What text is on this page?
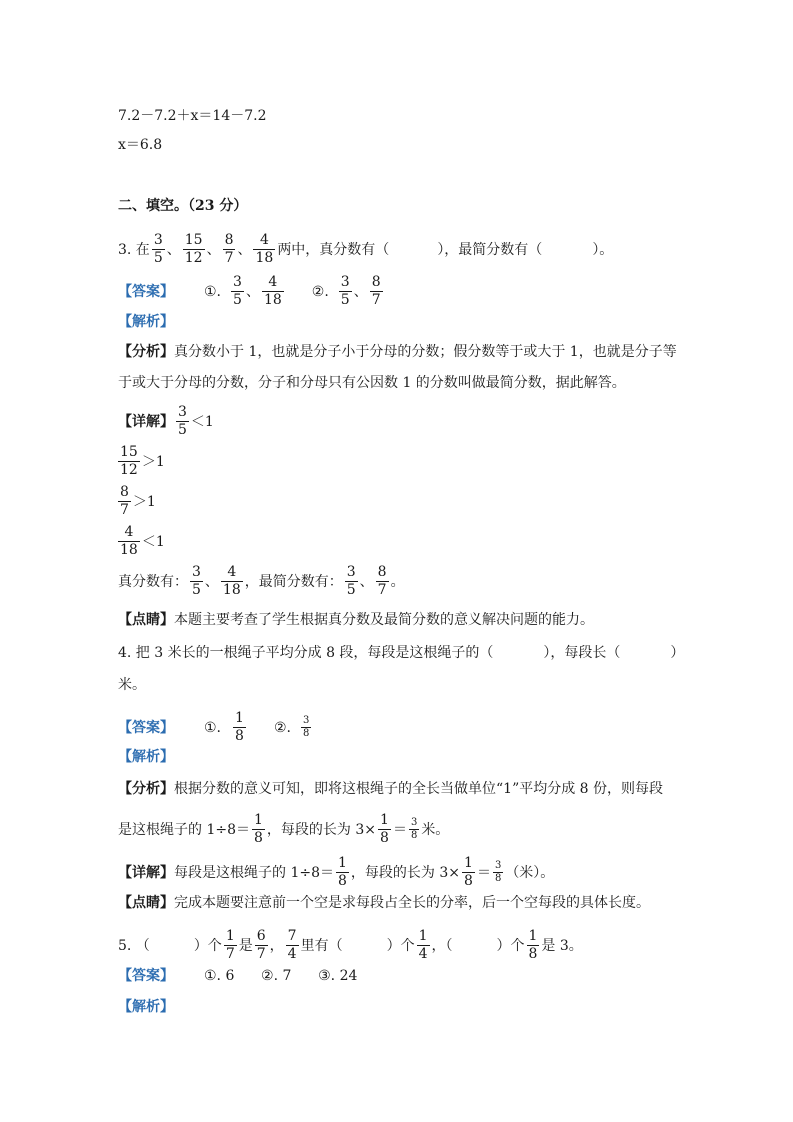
7.2－7.2＋x＝14－7.2
x＝6.8
二、填空。（23 分）
3. 在 $\frac{3}{5}$ 、 $\frac{15}{12}$ 、 $\frac{8}{7}$ 、 $\frac{4}{18}$ 两中，真分数有（	），最简分数有（	）。
【答案】 ①. $\frac{3}{5}$ 、 $\frac{4}{18}$ ②. $\frac{3}{5}$ 、 $\frac{8}{7}$
【解析】
【分析】 真分数小于 1，也就是分子小于分母的分数；假分数等于或大于 1，也就是分子等
于或大于分母的分数，分子和分母只有公因数 1 的分数叫做最简分数，据此解答。
【详解】 $\frac{3}{5} <1$
$\frac{15}{12} >1$
$\frac{8}{7} >1$
$\frac{4}{18} <1$
真分数有： $\frac{3}{5}$ 、 $\frac{4}{18}$ ，最简分数有： $\frac{3}{5}$ 、 $\frac{8}{7}$ 。
【点睛】 本题主要考查了学生根据真分数及最简分数的意义解决问题的能力。
4. 把 3 米长的一根绳子平均分成 8 段，每段是这根绳子的（	），每段长（	）
米。
【答案】 ①. $\frac{1}{8}$ ②. $\frac{3}{8}$
【解析】
【分析】 根据分数的意义可知，即将这根绳子的全长当做单位“1”平均分成 8 份，则每段
是这根绳子的 $1\div 8= \frac{1}{8}$ ，每段的长为 $3\times \frac{1}{8} = \frac{3}{8}$ 米。
【详解】 每段是这根绳子的 $1\div 8= \frac{1}{8}$ ，每段的长为 $3\times \frac{1}{8} = \frac{3}{8}$ （米）。
【点睛】 完成本题要注意前一个空是求每段占全长的分率，后一个空每段的具体长度。
5. （	）个 $\frac{1}{7}$ 是 $\frac{6}{7}$ ， $\frac{7}{4}$ 里有（	）个 $\frac{1}{4}$ ，（	）个 $\frac{1}{8}$ 是 3。
【答案】 ①. 6      ②. 7      ③. 24
【解析】
